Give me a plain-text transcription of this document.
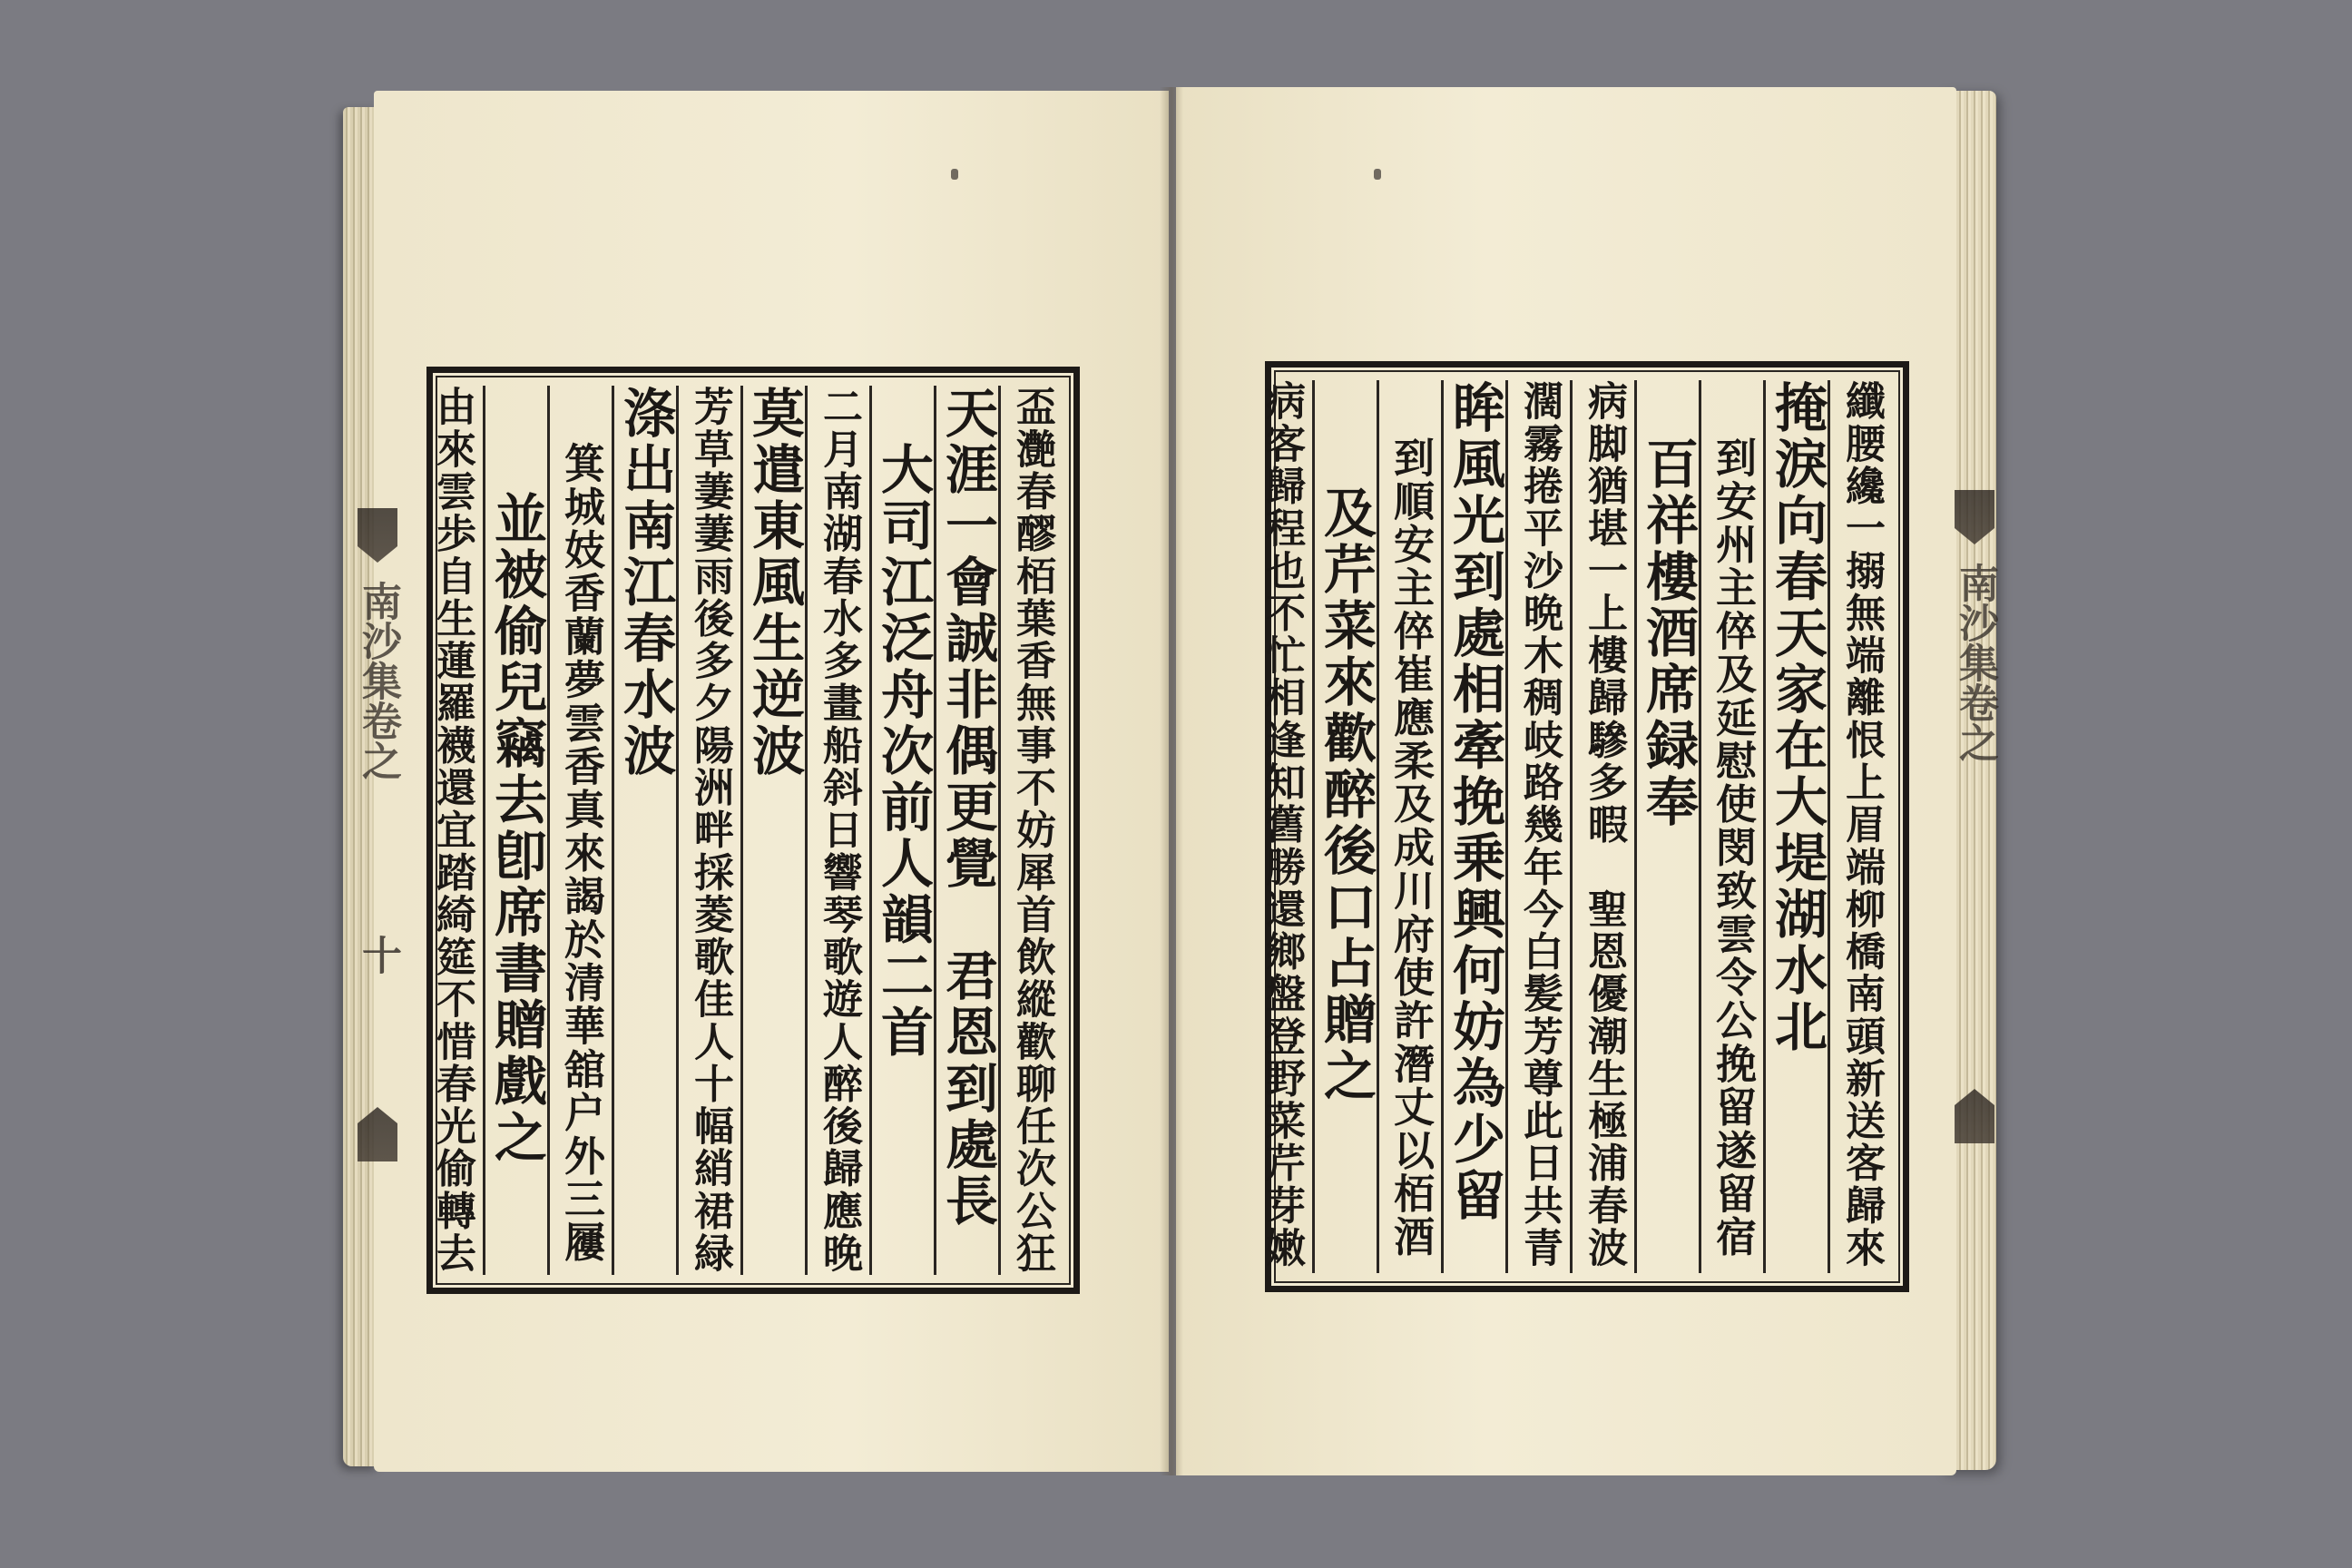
南沙集卷之
十
南沙集卷之
盃灔春醪栢葉香無事不妨犀首飲縱歡聊任次公狂
天涯一會誠非偶更覺　君恩到處長
大司江泛舟次前人韻二首
二月南湖春水多畫船斜日響琴歌遊人醉後歸應晚
莫遣東風生逆波
芳草萋萋雨後多夕陽洲畔採菱歌佳人十幅綃裙緑
涤出南江春水波
箕城妓香蘭夢雲香真來謁於清華舘户外三屨
並被偷兒竊去卽席書贈戲之
由來雲歩自生蓮羅襪還宜踏綺筵不惜春光偷轉去	纖腰纔一搦無端離恨上眉端柳橋南頭新送客歸來
掩淚向春天家在大堤湖水北
到安州主倅及延慰使閔致雲令公挽留遂留宿
百祥樓酒席録奉
病脚猶堪一上樓歸驂多暇　聖恩優潮生極浦春波
濶霧捲平沙晩木稠岐路幾年今白髪芳尊此日共青
眸風光到處相牽挽乗興何妨為少留
到順安主倅崔應柔及成川府使許潛丈以栢酒
及芹菜來歡醉後口占贈之
病客歸程也不忙相逢知舊勝還鄉盤登野菜芹芽嫩
